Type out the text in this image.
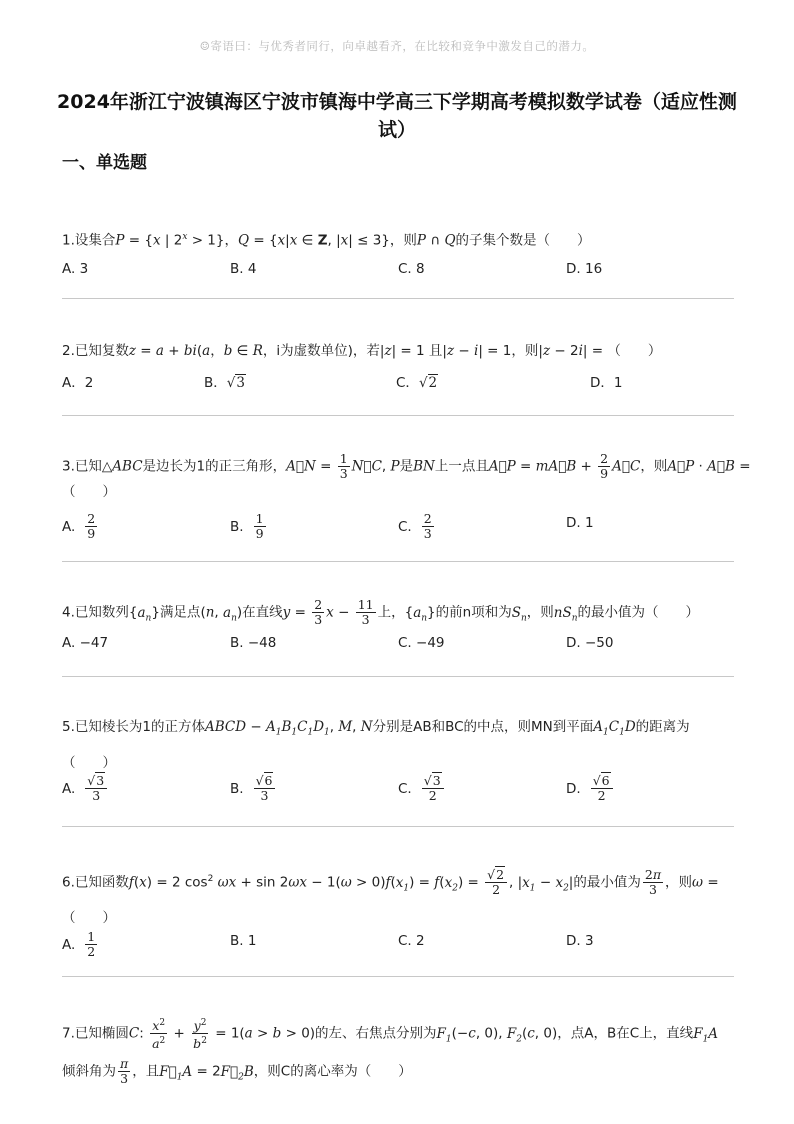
☺寄语曰：与优秀者同行，向卓越看齐，在比较和竞争中激发自己的潜力。
2024年浙江宁波镇海区宁波市镇海中学高三下学期高考模拟数学试卷（适应性测试）
一、单选题
1.设集合P = {x | $2^x > 1$}，Q = {x|x ∈ Z, |x| ≤ 3}，则P ∩ Q的子集个数是（　　）
A. 3	B. 4	C. 8	D. 16
2.已知复数z = a + bi(a，b ∈ R，i为虚数单位)，若|z| = 1 且|z − i| = 1，则|z − 2i| = （　　）
A．2	B． √3	C． √2	D．1
3.已知△ABC是边长为1的正三角形，A⃗N = $\frac{1}{3}$ N⃗C, P是BN上一点且A⃗P = mA⃗B + $\frac{2}{9}$ A⃗C，则A⃗P · A⃗B =
（　　）
A. $\frac{2}{9}$	B. $\frac{1}{9}$	C. $\frac{2}{3}$	D. 1
4.已知数列$\{a_n\}$满足点(n, $a_n$)在直线$y = \frac{2}{3}$ $x - \frac{11}{3}$ 上，$\{a_n\}$的前n项和为$S_n$，则$nS_n$的最小值为（　　）
A. −47	B. −48	C. −49	D. −50
5.已知棱长为1的正方体ABCD − $A_1B_1C_1D_1$, M, N分别是AB和BC的中点，则MN到平面$A_1C_1D$的距离为
（　　）
A. $\frac{√3}{3}$	B. $\frac{√6}{3}$	C. $\frac{√3}{2}$	D. $\frac{√6}{2}$
6.已知函数f(x) = 2 $\cos^2 \omega x + \sin 2\omega x - 1(\omega > 0)f(x_1) = f(x_2) = \frac{√2}{2}$ , $|x_1 - x_2|$的最小值为 $\frac{2\pi}{3}$ ，则ω =
（　　）
A. $\frac{1}{2}$	B. 1	C. 2	D. 3
7.已知椭圆C: $\frac{x^2}{a^2} + \frac{y^2}{b^2} = 1(a > b > 0)$的左、右焦点分别为$F_1(-c$, 0), $F_2(c$, 0)，点A，B在C上，直线$F_1A$
倾斜角为 $\frac{\pi}{3}$ ，且$F⃗_1A$ = $2F⃗_2B$，则C的离心率为（　　）
